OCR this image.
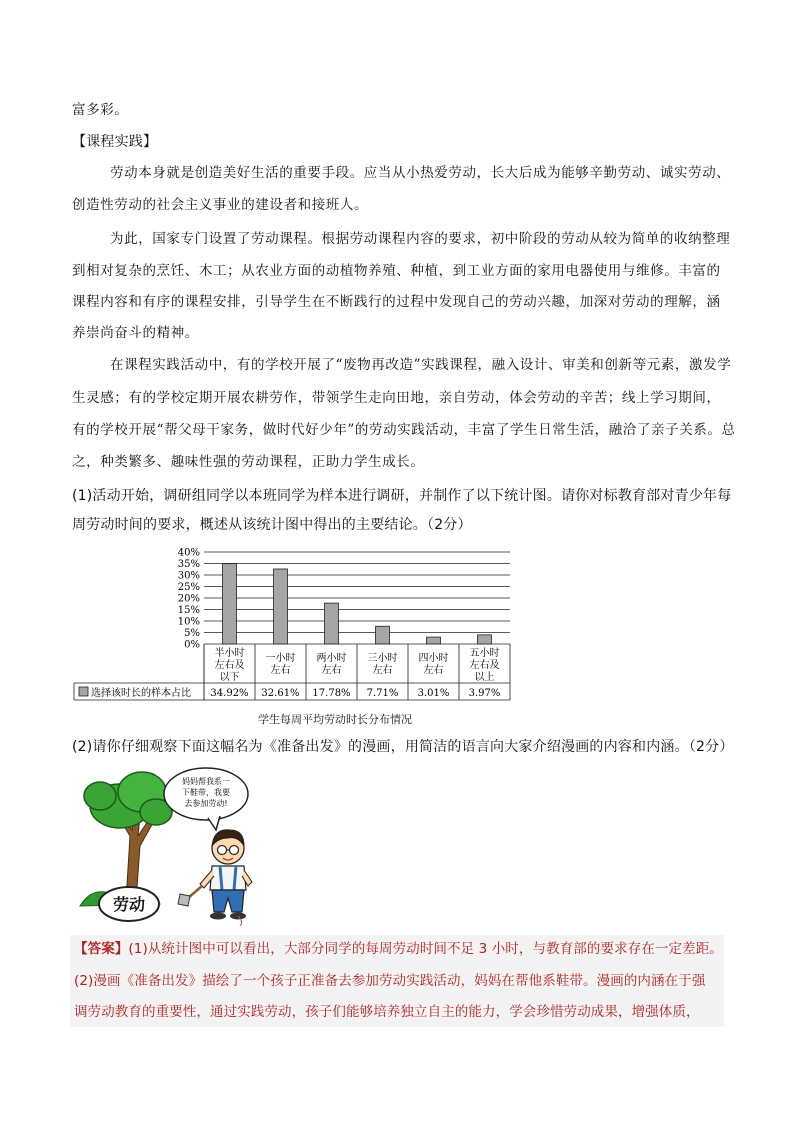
富多彩。
【课程实践】
劳动本身就是创造美好生活的重要手段。应当从小热爱劳动，长大后成为能够辛勤劳动、诚实劳动、
创造性劳动的社会主义事业的建设者和接班人。
为此，国家专门设置了劳动课程。根据劳动课程内容的要求，初中阶段的劳动从较为简单的收纳整理
到相对复杂的烹饪、木工；从农业方面的动植物养殖、种植，到工业方面的家用电器使用与维修。丰富的
课程内容和有序的课程安排，引导学生在不断践行的过程中发现自己的劳动兴趣，加深对劳动的理解，涵
养崇尚奋斗的精神。
在课程实践活动中，有的学校开展了“废物再改造”实践课程，融入设计、审美和创新等元素，激发学
生灵感；有的学校定期开展农耕劳作，带领学生走向田地，亲自劳动，体会劳动的辛苦；线上学习期间，
有的学校开展“帮父母干家务，做时代好少年”的劳动实践活动，丰富了学生日常生活，融洽了亲子关系。总
之，种类繁多、趣味性强的劳动课程，正助力学生成长。
(1)活动开始，调研组同学以本班同学为样本进行调研，并制作了以下统计图。请你对标教育部对青少年每
周劳动时间的要求，概述从该统计图中得出的主要结论。（2分）
40%
35%
30%
25%
20%
15%
10%
5%
0%
半小时
左右及
以下
一小时
左右
两小时
左右
三小时
左右
四小时
左右
五小时
左右及
以上
34.92% 32.61% 17.78% 7.71% 3.01% 3.97%
选择该时长的样本占比
学生每周平均劳动时长分布情况
(2)请你仔细观察下面这幅名为《准备出发》的漫画，用简洁的语言向大家介绍漫画的内容和内涵。（2分）
劳动
妈妈帮我系一
下鞋带，我要
去参加劳动!
【答案】(1)从统计图中可以看出，大部分同学的每周劳动时间不足 3 小时，与教育部的要求存在一定差距。
(2)漫画《准备出发》描绘了一个孩子正准备去参加劳动实践活动，妈妈在帮他系鞋带。漫画的内涵在于强
调劳动教育的重要性，通过实践劳动，孩子们能够培养独立自主的能力，学会珍惜劳动成果，增强体质，
